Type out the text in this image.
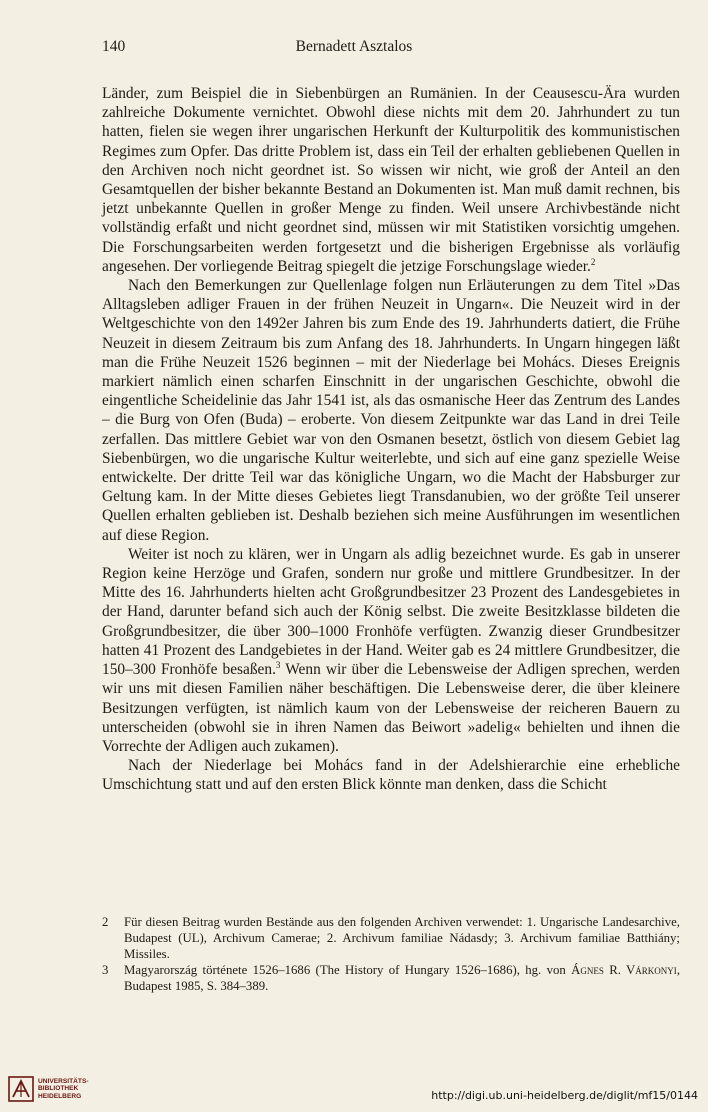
140	Bernadett Asztalos

Länder, zum Beispiel die in Siebenbürgen an Rumänien. In der Ceausescu-Ära wurden zahlreiche Dokumente vernichtet. Obwohl diese nichts mit dem 20. Jahrhundert zu tun hatten, fielen sie wegen ihrer ungarischen Herkunft der Kulturpolitik des kommunistischen Regimes zum Opfer. Das dritte Problem ist, dass ein Teil der erhalten gebliebenen Quellen in den Archiven noch nicht geordnet ist. So wissen wir nicht, wie groß der Anteil an den Gesamtquellen der bisher bekannte Bestand an Dokumenten ist. Man muß damit rechnen, bis jetzt unbekannte Quellen in großer Menge zu finden. Weil unsere Archivbestände nicht vollständig erfaßt und nicht geordnet sind, müssen wir mit Statistiken vorsichtig umgehen. Die Forschungsarbeiten werden fortgesetzt und die bisherigen Ergebnisse als vorläufig angesehen. Der vorliegende Beitrag spiegelt die jetzige Forschungslage wieder.$^2$

Nach den Bemerkungen zur Quellenlage folgen nun Erläuterungen zu dem Titel »Das Alltagsleben adliger Frauen in der frühen Neuzeit in Ungarn«. Die Neuzeit wird in der Weltgeschichte von den 1492er Jahren bis zum Ende des 19. Jahrhunderts datiert, die Frühe Neuzeit in diesem Zeitraum bis zum Anfang des 18. Jahrhunderts. In Ungarn hingegen läßt man die Frühe Neuzeit 1526 beginnen – mit der Niederlage bei Mohács. Dieses Ereignis markiert nämlich einen scharfen Einschnitt in der ungarischen Geschichte, obwohl die eingentliche Scheidelinie das Jahr 1541 ist, als das osmanische Heer das Zentrum des Landes – die Burg von Ofen (Buda) – eroberte. Von diesem Zeitpunkte war das Land in drei Teile zerfallen. Das mittlere Gebiet war von den Osmanen besetzt, östlich von diesem Gebiet lag Siebenbürgen, wo die ungarische Kultur weiterlebte, und sich auf eine ganz spezielle Weise entwickelte. Der dritte Teil war das königliche Ungarn, wo die Macht der Habsburger zur Geltung kam. In der Mitte dieses Gebietes liegt Transdanubien, wo der größte Teil unserer Quellen erhalten geblieben ist. Deshalb beziehen sich meine Ausführungen im wesentlichen auf diese Region.

Weiter ist noch zu klären, wer in Ungarn als adlig bezeichnet wurde. Es gab in unserer Region keine Herzöge und Grafen, sondern nur große und mittlere Grundbesitzer. In der Mitte des 16. Jahrhunderts hielten acht Großgrundbesitzer 23 Prozent des Landesgebietes in der Hand, darunter befand sich auch der König selbst. Die zweite Besitzklasse bildeten die Großgrundbesitzer, die über 300–1000 Fronhöfe verfügten. Zwanzig dieser Grundbesitzer hatten 41 Prozent des Landgebietes in der Hand. Weiter gab es 24 mittlere Grundbesitzer, die 150–300 Fronhöfe besaßen.$^3$ Wenn wir über die Lebensweise der Adligen sprechen, werden wir uns mit diesen Familien näher beschäftigen. Die Lebensweise derer, die über kleinere Besitzungen verfügten, ist nämlich kaum von der Lebensweise der reicheren Bauern zu unterscheiden (obwohl sie in ihren Namen das Beiwort »adelig« behielten und ihnen die Vorrechte der Adligen auch zukamen).

Nach der Niederlage bei Mohács fand in der Adelshierarchie eine erhebliche Umschichtung statt und auf den ersten Blick könnte man denken, dass die Schicht

2	Für diesen Beitrag wurden Bestände aus den folgenden Archiven verwendet: 1. Ungarische Landesarchive, Budapest (UL), Archivum Camerae; 2. Archivum familiae Nádasdy; 3. Archivum familiae Batthiány; Missiles.
3	Magyarország története 1526–1686 (The History of Hungary 1526–1686), hg. von Ágnes R. Várkonyi, Budapest 1985, S. 384–389.
UNIVERSITÄTS-
BIBLIOTHEK
HEIDELBERG	http://digi.ub.uni-heidelberg.de/diglit/mf15/0144
